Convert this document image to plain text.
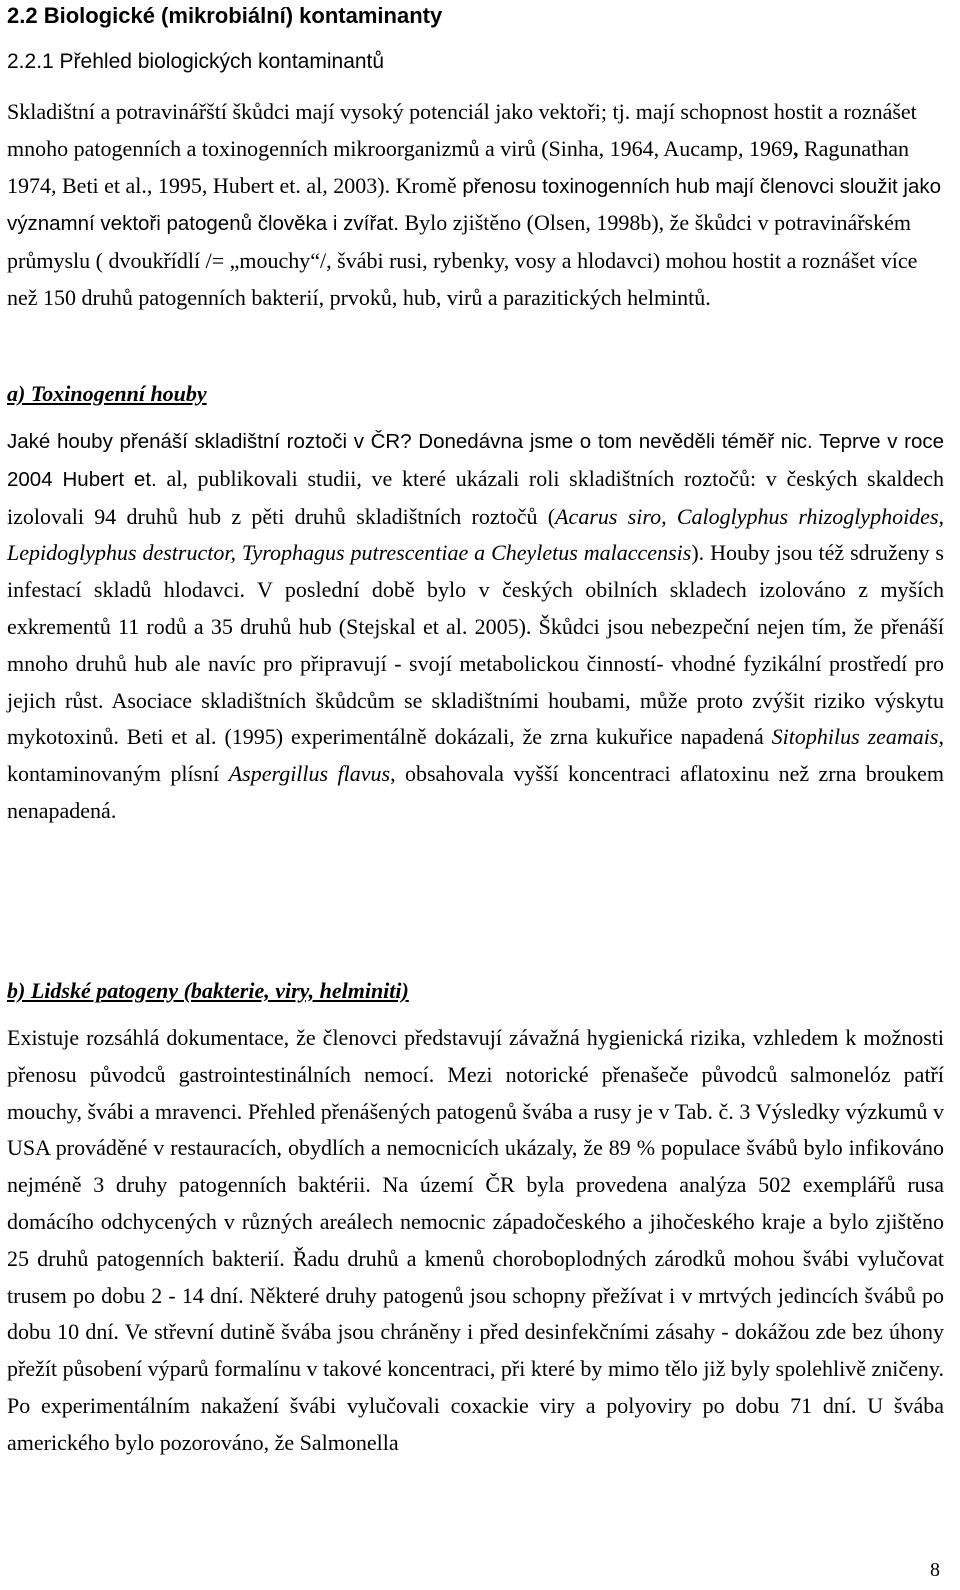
2.2 Biologické (mikrobiální) kontaminanty
2.2.1 Přehled biologických kontaminantů

Skladištní a potravinářští škůdci mají vysoký potenciál jako vektoři; tj. mají schopnost hostit a roznášet mnoho patogenních a toxinogenních mikroorganizmů a virů (Sinha, 1964, Aucamp, 1969, Ragunathan 1974, Beti et al., 1995, Hubert et. al, 2003). Kromě přenosu toxinogenních hub mají členovci sloužit jako významní vektoři patogenů člověka i zvířat. Bylo zjištěno (Olsen, 1998b), že škůdci v potravinářském průmyslu ( dvoukřídlí /= „mouchy“/, švábi rusi, rybenky, vosy a hlodavci) mohou hostit a roznášet více než 150 druhů patogenních bakterií, prvoků, hub, virů a parazitických helmintů.

a) Toxinogenní houby

Jaké houby přenáší skladištní roztoči v ČR? Donedávna jsme o tom nevěděli téměř nic. Teprve v roce 2004 Hubert et. al, publikovali studii, ve které ukázali roli skladištních roztočů: v českých skaldech izolovali 94 druhů hub z pěti druhů skladištních roztočů (Acarus siro, Caloglyphus rhizoglyphoides, Lepidoglyphus destructor, Tyrophagus putrescentiae a Cheyletus malaccensis). Houby jsou též sdruženy s infestací skladů hlodavci. V poslední době bylo v českých obilních skladech izolováno z myších exkrementů 11 rodů a 35 druhů hub (Stejskal et al. 2005). Škůdci jsou nebezpeční nejen tím, že přenáší mnoho druhů hub ale navíc pro připravují - svojí metabolickou činností- vhodné fyzikální prostředí pro jejich růst. Asociace skladištních škůdcům se skladištními houbami, může proto zvýšit riziko výskytu mykotoxinů. Beti et al. (1995) experimentálně dokázali, že zrna kukuřice napadená Sitophilus zeamais, kontaminovaným plísní Aspergillus flavus, obsahovala vyšší koncentraci aflatoxinu než zrna broukem nenapadená.

b) Lidské patogeny (bakterie, viry, helminiti)

Existuje rozsáhlá dokumentace, že členovci představují závažná hygienická rizika, vzhledem k možnosti přenosu původců gastrointestinálních nemocí. Mezi notorické přenašeče původců salmonelóz patří mouchy, švábi a mravenci. Přehled přenášených patogenů švába a rusy je v Tab. č. 3 Výsledky výzkumů v USA prováděné v restauracích, obydlích a nemocnicích ukázaly, že 89 % populace švábů bylo infikováno nejméně 3 druhy patogenních baktérii. Na území ČR byla provedena analýza 502 exemplářů rusa domácího odchycených v různých areálech nemocnic západočeského a jihočeského kraje a bylo zjištěno 25 druhů patogenních bakterií. Řadu druhů a kmenů choroboplodných zárodků mohou švábi vylučovat trusem po dobu 2 - 14 dní. Některé druhy patogenů jsou schopny přežívat i v mrtvých jedincích švábů po dobu 10 dní. Ve střevní dutině švába jsou chráněny i před desinfekčními zásahy - dokážou zde bez úhony přežít působení výparů formalínu v takové koncentraci, při které by mimo tělo již byly spolehlivě zničeny. Po experimentálním nakažení švábi vylučovali coxackie viry a polyoviry po dobu 71 dní. U švába amerického bylo pozorováno, že Salmonella

8
